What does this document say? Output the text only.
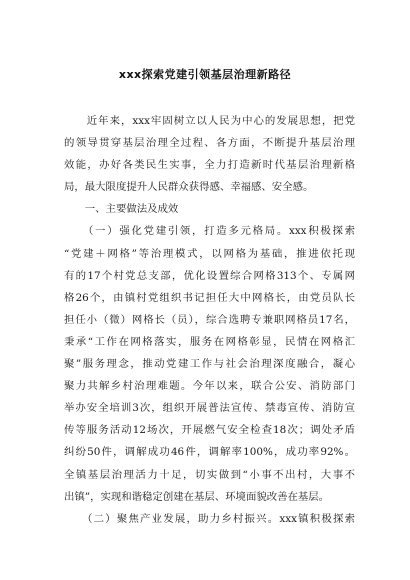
xxx探索党建引领基层治理新路径
　　近年来，xxx牢固树立以人民为中心的发展思想，把党
的领导贯穿基层治理全过程、各方面，不断提升基层治理
效能，办好各类民生实事，全力打造新时代基层治理新格
局，最大限度提升人民群众获得感、幸福感、安全感。
　　一、主要做法及成效
　　（一）强化党建引领，打造多元格局。xxx积极探索
“党建＋网格”等治理模式，以网格为基础，推进依托现
有的17个村党总支部，优化设置综合网格313个、专属网
格26个，由镇村党组织书记担任大中网格长，由党员队长
担任小（微）网格长（员），综合选聘专兼职网格员17名，
秉承“工作在网格落实，服务在网格彰显，民情在网格汇
聚”服务理念，推动党建工作与社会治理深度融合，凝心
聚力共解乡村治理难题。今年以来，联合公安、消防部门
举办安全培训3次，组织开展普法宣传、禁毒宣传、消防宣
传等服务活动12场次，开展燃气安全检查18次；调处矛盾
纠纷50件，调解成功46件，调解率100%，成功率92%。
全镇基层治理活力十足，切实做到“小事不出村，大事不
出镇”，实现和谐稳定创建在基层、环境面貌改善在基层。
　　（二）聚焦产业发展，助力乡村振兴。xxx镇积极探索
